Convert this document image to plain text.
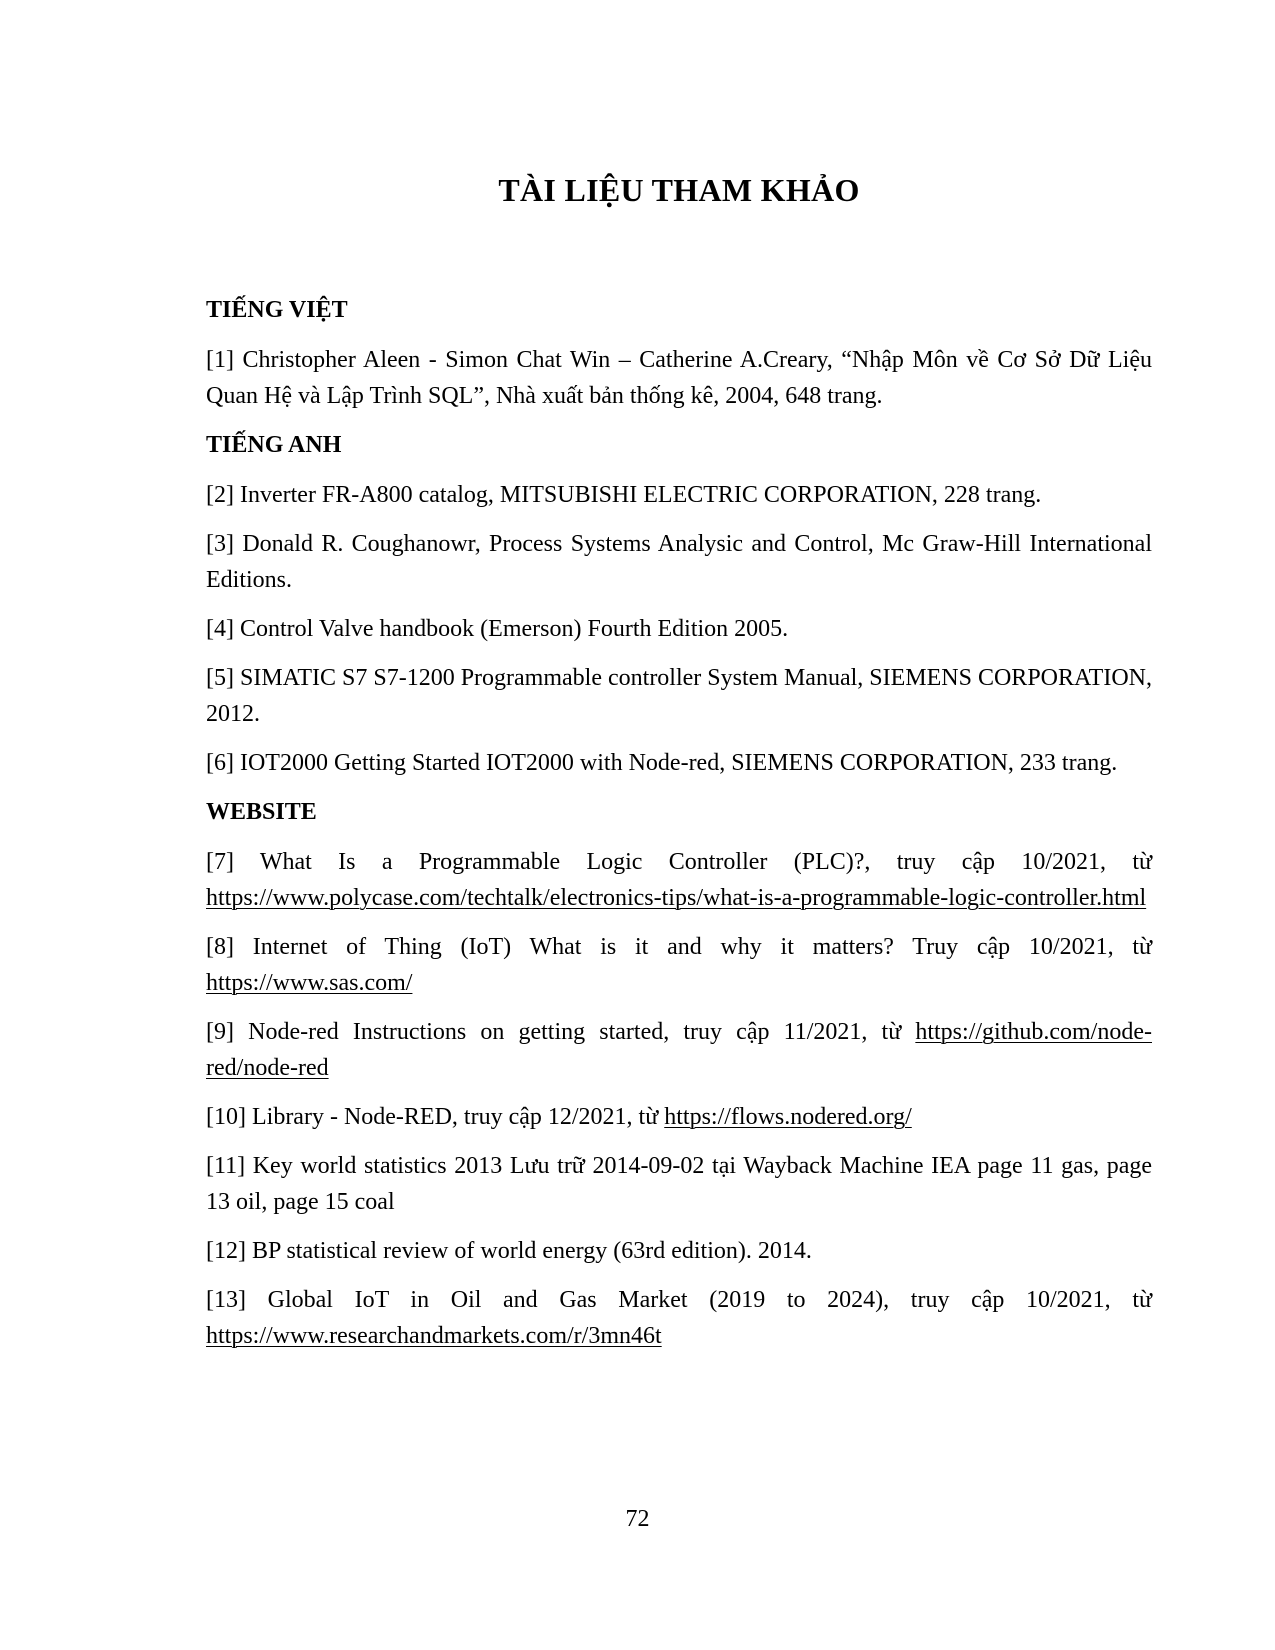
TÀI LIỆU THAM KHẢO
TIẾNG VIỆT

[1] Christopher Aleen - Simon Chat Win – Catherine A.Creary, “Nhập Môn về Cơ Sở Dữ Liệu Quan Hệ và Lập Trình SQL”, Nhà xuất bản thống kê, 2004, 648 trang.

TIẾNG ANH

[2] Inverter FR-A800 catalog, MITSUBISHI ELECTRIC CORPORATION, 228 trang.

[3] Donald R. Coughanowr, Process Systems Analysic and Control, Mc Graw-Hill International Editions.

[4] Control Valve handbook (Emerson) Fourth Edition 2005.

[5] SIMATIC S7 S7-1200 Programmable controller System Manual, SIEMENS CORPORATION, 2012.

[6] IOT2000 Getting Started IOT2000 with Node-red, SIEMENS CORPORATION, 233 trang.

WEBSITE

[7] What Is a Programmable Logic Controller (PLC)?, truy cập 10/2021, từ https://www.polycase.com/techtalk/electronics-tips/what-is-a-programmable-logic-controller.html

[8] Internet of Thing (IoT) What is it and why it matters? Truy cập 10/2021, từ https://www.sas.com/

[9] Node-red Instructions on getting started, truy cập 11/2021, từ https://github.com/node-red/node-red

[10] Library - Node-RED, truy cập 12/2021, từ https://flows.nodered.org/

[11] Key world statistics 2013 Lưu trữ 2014-09-02 tại Wayback Machine IEA page 11 gas, page 13 oil, page 15 coal

[12] BP statistical review of world energy (63rd edition). 2014.

[13] Global IoT in Oil and Gas Market (2019 to 2024), truy cập 10/2021, từ https://www.researchandmarkets.com/r/3mn46t

72
